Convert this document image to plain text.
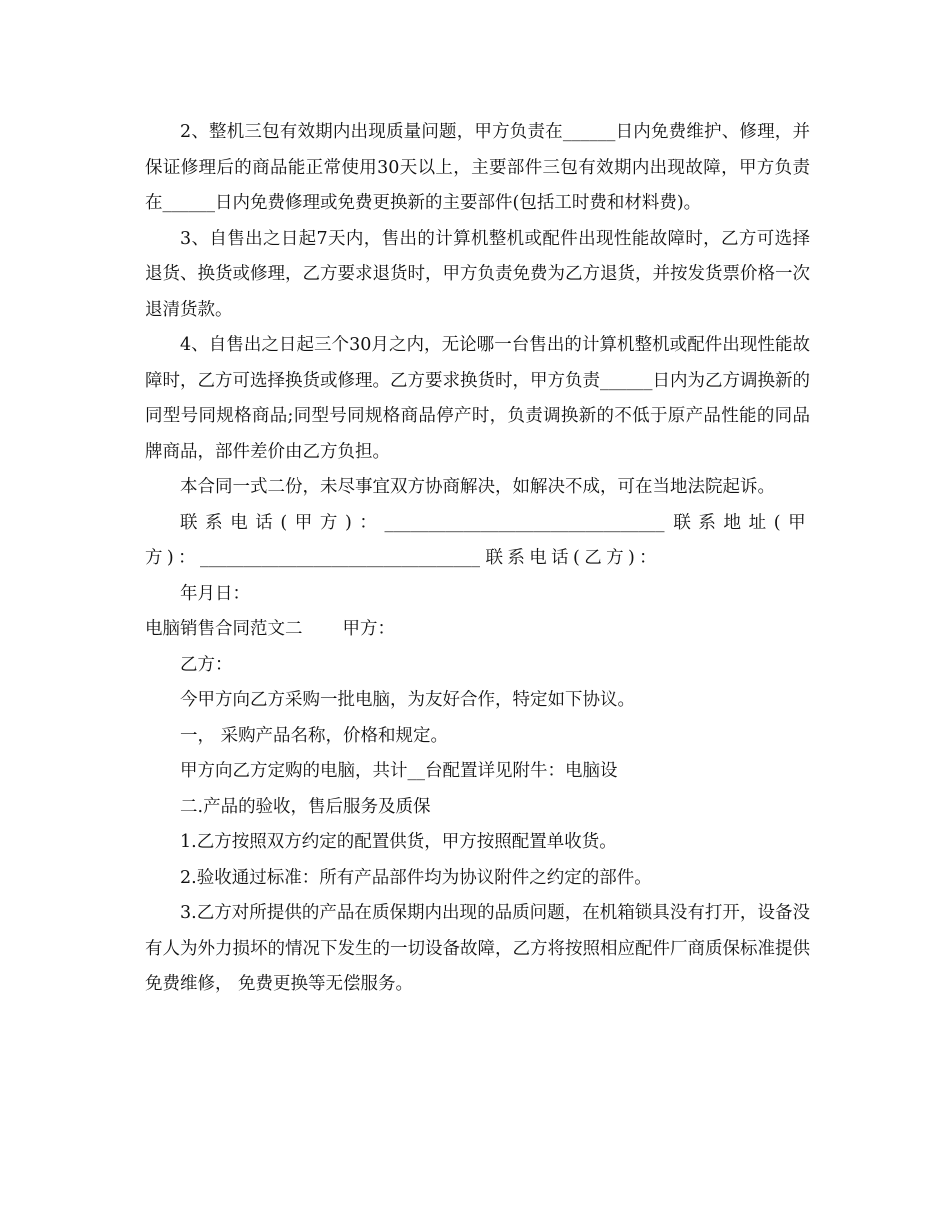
2、整机三包有效期内出现质量问题，甲方负责在______日内免费维护、修理，并保证修理后的商品能正常使用30天以上，主要部件三包有效期内出现故障，甲方负责在______日内免费修理或免费更换新的主要部件(包括工时费和材料费)。

3、自售出之日起7天内，售出的计算机整机或配件出现性能故障时，乙方可选择退货、换货或修理，乙方要求退货时，甲方负责免费为乙方退货，并按发货票价格一次退清货款。

4、自售出之日起三个30月之内，无论哪一台售出的计算机整机或配件出现性能故障时，乙方可选择换货或修理。乙方要求换货时，甲方负责______日内为乙方调换新的同型号同规格商品;同型号同规格商品停产时，负责调换新的不低于原产品性能的同品牌商品，部件差价由乙方负担。

本合同一式二份，未尽事宜双方协商解决，如解决不成，可在当地法院起诉。

联系电话(甲方)：________________________________ 联系地址(甲方)：________________________________ 联系电话(乙方)：

年月日：

电脑销售合同范文二 甲方：

乙方：

今甲方向乙方采购一批电脑，为友好合作，特定如下协议。

一， 采购产品名称，价格和规定。

甲方向乙方定购的电脑，共计__台配置详见附牛：电脑设

二.产品的验收，售后服务及质保

1.乙方按照双方约定的配置供货，甲方按照配置单收货。

2.验收通过标准：所有产品部件均为协议附件之约定的部件。

3.乙方对所提供的产品在质保期内出现的品质问题，在机箱锁具没有打开，设备没有人为外力损坏的情况下发生的一切设备故障，乙方将按照相应配件厂商质保标准提供免费维修， 免费更换等无偿服务。
